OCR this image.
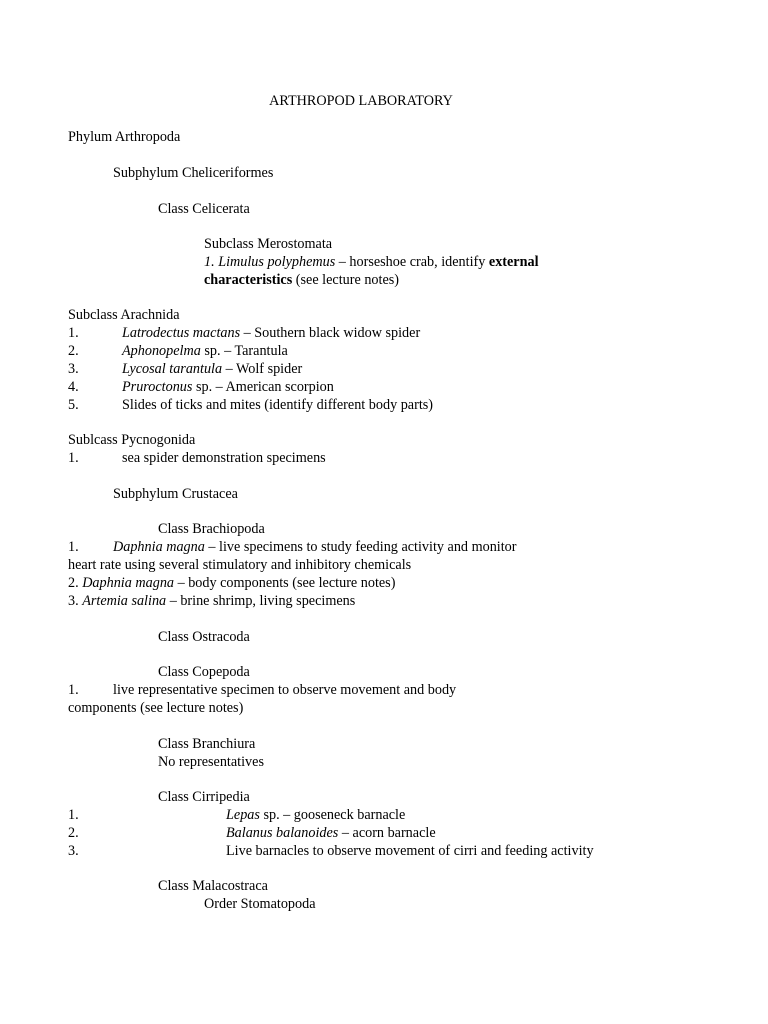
ARTHROPOD LABORATORY
Phylum Arthropoda
Subphylum Cheliceriformes
Class Celicerata
Subclass Merostomata
1. Limulus polyphemus – horseshoe crab, identify external
characteristics (see lecture notes)
Subclass Arachnida
1.	Latrodectus mactans – Southern black widow spider
2.	Aphonopelma sp. – Tarantula
3.	Lycosal tarantula – Wolf spider
4.	Pruroctonus sp. – American scorpion
5.	Slides of ticks and mites (identify different body parts)
Sublcass Pycnogonida
1.	sea spider demonstration specimens
Subphylum Crustacea
Class Brachiopoda
1. Daphnia magna – live specimens to study feeding activity and monitor
heart rate using several stimulatory and inhibitory chemicals
2. Daphnia magna – body components (see lecture notes)
3. Artemia salina – brine shrimp, living specimens
Class Ostracoda
Class Copepoda
1. live representative specimen to observe movement and body
components (see lecture notes)
Class Branchiura
No representatives
Class Cirripedia
1.	Lepas sp. – gooseneck barnacle
2.	Balanus balanoides – acorn barnacle
3.	Live barnacles to observe movement of cirri and feeding activity
Class Malacostraca
Order Stomatopoda
